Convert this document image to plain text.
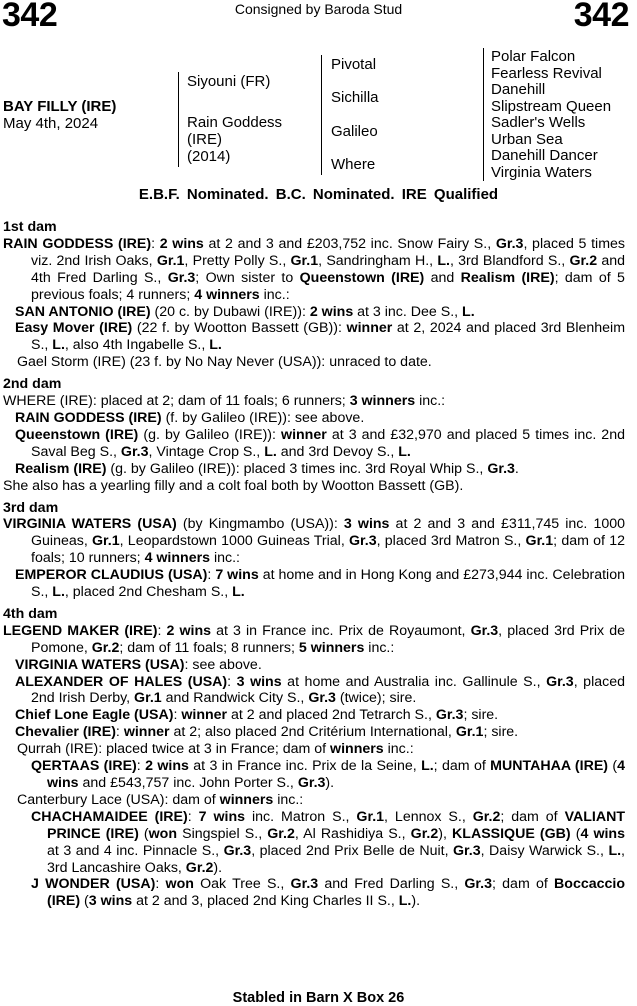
342	Consigned by Baroda Stud	342
BAY FILLY (IRE)
May 4th, 2024
Siyouni (FR)
Rain Goddess
(IRE)
(2014)
Pivotal
Sichilla
Galileo
Where
Polar Falcon
Fearless Revival
Danehill
Slipstream Queen
Sadler's Wells
Urban Sea
Danehill Dancer
Virginia Waters
E.B.F. Nominated. B.C. Nominated. IRE Qualified
1st dam

RAIN GODDESS (IRE): 2 wins at 2 and 3 and £203,752 inc. Snow Fairy S., Gr.3, placed 5 times viz. 2nd Irish Oaks, Gr.1, Pretty Polly S., Gr.1, Sandringham H., L., 3rd Blandford S., Gr.2 and 4th Fred Darling S., Gr.3; Own sister to Queenstown (IRE) and Realism (IRE); dam of 5 previous foals; 4 runners; 4 winners inc.:

SAN ANTONIO (IRE) (20 c. by Dubawi (IRE)): 2 wins at 3 inc. Dee S., L.

Easy Mover (IRE) (22 f. by Wootton Bassett (GB)): winner at 2, 2024 and placed 3rd Blenheim S., L., also 4th Ingabelle S., L.

Gael Storm (IRE) (23 f. by No Nay Never (USA)): unraced to date.

2nd dam

WHERE (IRE): placed at 2; dam of 11 foals; 6 runners; 3 winners inc.:

RAIN GODDESS (IRE) (f. by Galileo (IRE)): see above.

Queenstown (IRE) (g. by Galileo (IRE)): winner at 3 and £32,970 and placed 5 times inc. 2nd Saval Beg S., Gr.3, Vintage Crop S., L. and 3rd Devoy S., L.

Realism (IRE) (g. by Galileo (IRE)): placed 3 times inc. 3rd Royal Whip S., Gr.3.

She also has a yearling filly and a colt foal both by Wootton Bassett (GB).

3rd dam

VIRGINIA WATERS (USA) (by Kingmambo (USA)): 3 wins at 2 and 3 and £311,745 inc. 1000 Guineas, Gr.1, Leopardstown 1000 Guineas Trial, Gr.3, placed 3rd Matron S., Gr.1; dam of 12 foals; 10 runners; 4 winners inc.:

EMPEROR CLAUDIUS (USA): 7 wins at home and in Hong Kong and £273,944 inc. Celebration S., L., placed 2nd Chesham S., L.

4th dam

LEGEND MAKER (IRE): 2 wins at 3 in France inc. Prix de Royaumont, Gr.3, placed 3rd Prix de Pomone, Gr.2; dam of 11 foals; 8 runners; 5 winners inc.:

VIRGINIA WATERS (USA): see above.

ALEXANDER OF HALES (USA): 3 wins at home and Australia inc. Gallinule S., Gr.3, placed 2nd Irish Derby, Gr.1 and Randwick City S., Gr.3 (twice); sire.

Chief Lone Eagle (USA): winner at 2 and placed 2nd Tetrarch S., Gr.3; sire.

Chevalier (IRE): winner at 2; also placed 2nd Critérium International, Gr.1; sire.

Qurrah (IRE): placed twice at 3 in France; dam of winners inc.:

QERTAAS (IRE): 2 wins at 3 in France inc. Prix de la Seine, L.; dam of MUNTAHAA (IRE) (4 wins and £543,757 inc. John Porter S., Gr.3).

Canterbury Lace (USA): dam of winners inc.:

CHACHAMAIDEE (IRE): 7 wins inc. Matron S., Gr.1, Lennox S., Gr.2; dam of VALIANT PRINCE (IRE) (won Singspiel S., Gr.2, Al Rashidiya S., Gr.2), KLASSIQUE (GB) (4 wins at 3 and 4 inc. Pinnacle S., Gr.3, placed 2nd Prix Belle de Nuit, Gr.3, Daisy Warwick S., L., 3rd Lancashire Oaks, Gr.2).

J WONDER (USA): won Oak Tree S., Gr.3 and Fred Darling S., Gr.3; dam of Boccaccio (IRE) (3 wins at 2 and 3, placed 2nd King Charles II S., L.).

Stabled in Barn X Box 26
